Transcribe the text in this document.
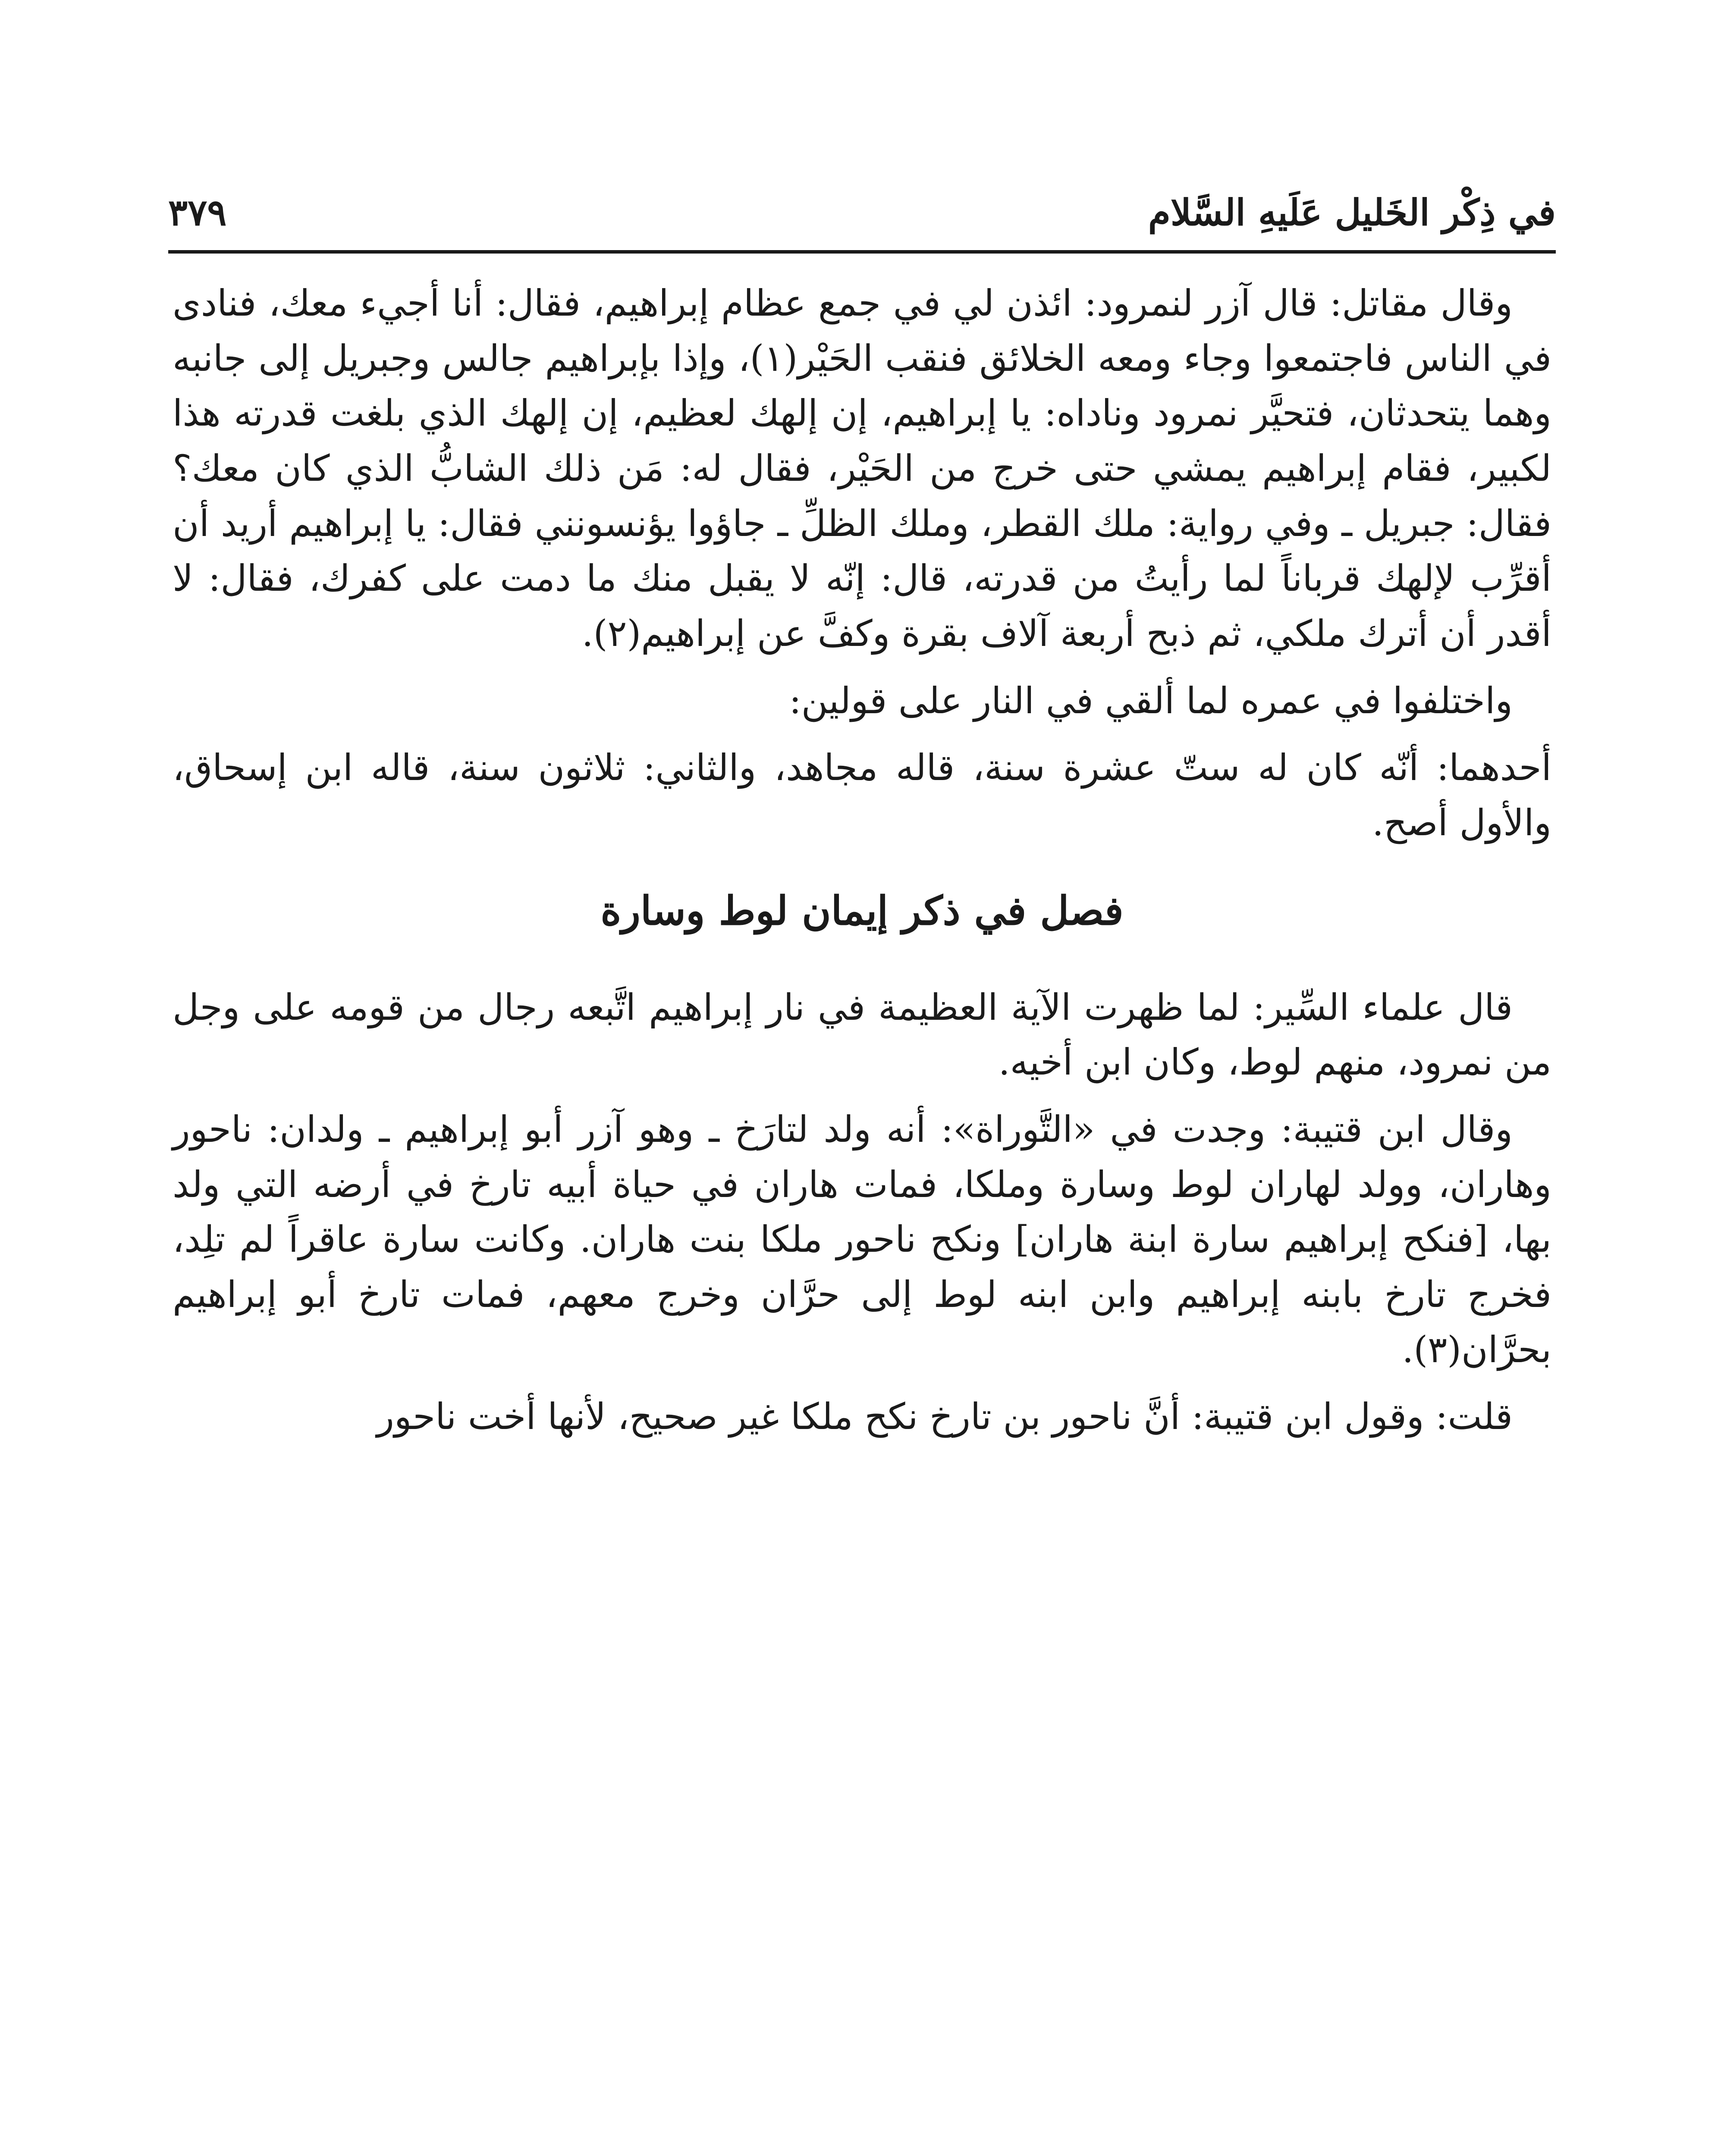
في ذِكْر الخَليل عَلَيهِ السَّلام
٣٧٩

وقال مقاتل: قال آزر لنمرود: ائذن لي في جمع عظام إبراهيم، فقال: أنا أجيء معك، فنادى في الناس فاجتمعوا وجاء ومعه الخلائق فنقب الحَيْر(١)، وإذا بإبراهيم جالس وجبريل إلى جانبه وهما يتحدثان، فتحيَّر نمرود وناداه: يا إبراهيم، إن إلهك لعظيم، إن إلهك الذي بلغت قدرته هذا لكبير، فقام إبراهيم يمشي حتى خرج من الحَيْر، فقال له: مَن ذلك الشابُّ الذي كان معك؟ فقال: جبريل ـ وفي رواية: ملك القطر، وملك الظلِّ ـ جاؤوا يؤنسونني فقال: يا إبراهيم أريد أن أقرِّب لإلهك قرباناً لما رأيتُ من قدرته، قال: إنّه لا يقبل منك ما دمت على كفرك، فقال: لا أقدر أن أترك ملكي، ثم ذبح أربعة آلاف بقرة وكفَّ عن إبراهيم(٢).

واختلفوا في عمره لما ألقي في النار على قولين:

أحدهما: أنّه كان له ستّ عشرة سنة، قاله مجاهد، والثاني: ثلاثون سنة، قاله ابن إسحاق، والأول أصح.

فصل في ذكر إيمان لوط وسارة

قال علماء السِّير: لما ظهرت الآية العظيمة في نار إبراهيم اتَّبعه رجال من قومه على وجل من نمرود، منهم لوط، وكان ابن أخيه.

وقال ابن قتيبة: وجدت في «التَّوراة»: أنه ولد لتارَخ ـ وهو آزر أبو إبراهيم ـ ولدان: ناحور وهاران، وولد لهاران لوط وسارة وملكا، فمات هاران في حياة أبيه تارخ في أرضه التي ولد بها، [فنكح إبراهيم سارة ابنة هاران] ونكح ناحور ملكا بنت هاران. وكانت سارة عاقراً لم تلِد، فخرج تارخ بابنه إبراهيم وابن ابنه لوط إلى حرَّان وخرج معهم، فمات تارخ أبو إبراهيم بحرَّان(٣).

قلت: وقول ابن قتيبة: أنَّ ناحور بن تارخ نكح ملكا غير صحيح، لأنها أخت ناحور
